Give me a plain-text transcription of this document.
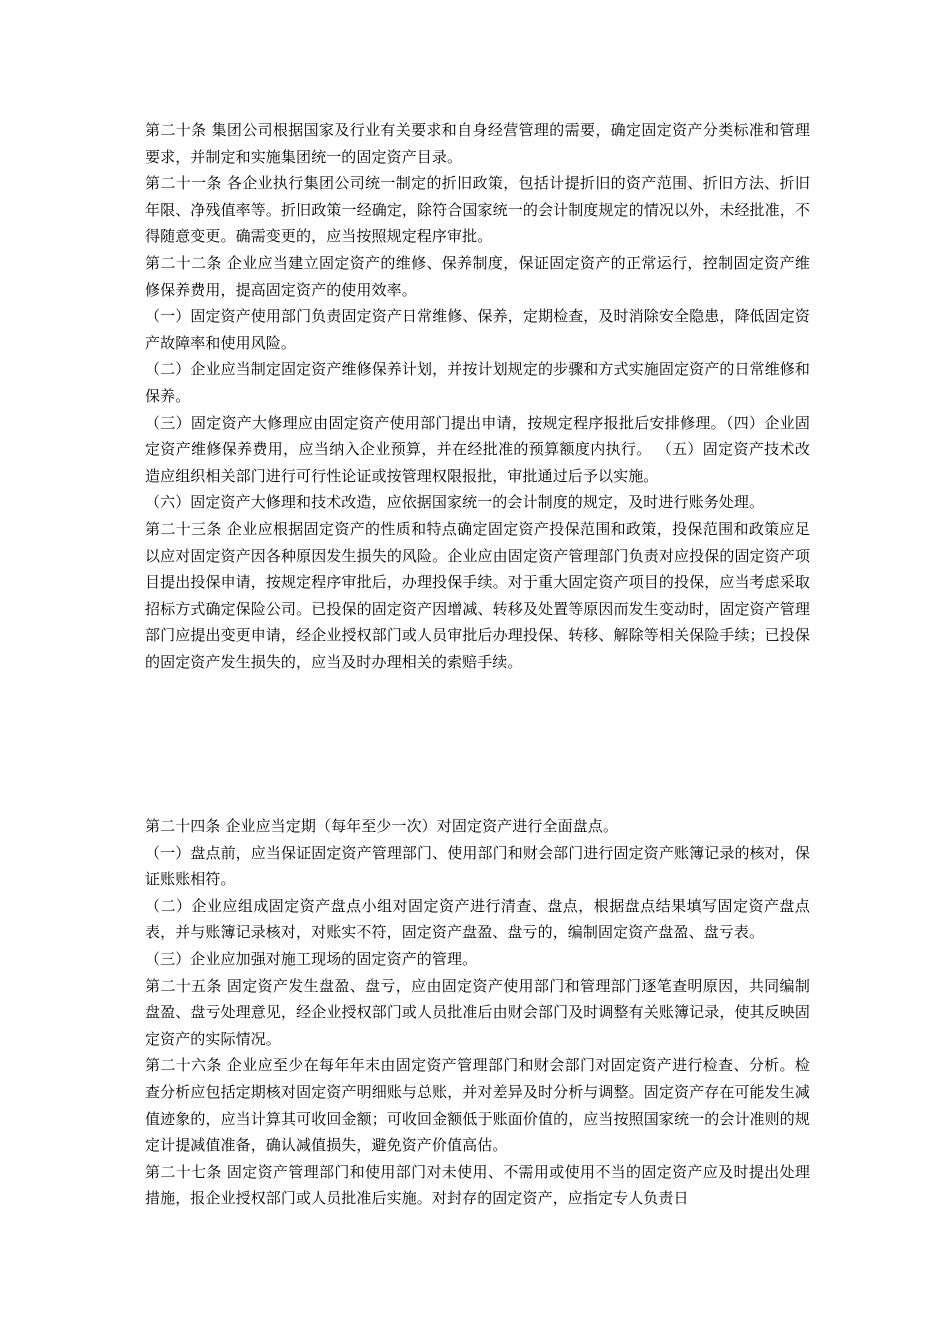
第二十条 集团公司根据国家及行业有关要求和自身经营管理的需要，确定固定资产分类标准和管理要求，并制定和实施集团统一的固定资产目录。

第二十一条 各企业执行集团公司统一制定的折旧政策，包括计提折旧的资产范围、折旧方法、折旧年限、净残值率等。折旧政策一经确定，除符合国家统一的会计制度规定的情况以外，未经批准，不得随意变更。确需变更的，应当按照规定程序审批。

第二十二条 企业应当建立固定资产的维修、保养制度，保证固定资产的正常运行，控制固定资产维修保养费用，提高固定资产的使用效率。

（一）固定资产使用部门负责固定资产日常维修、保养，定期检查，及时消除安全隐患，降低固定资产故障率和使用风险。

（二）企业应当制定固定资产维修保养计划，并按计划规定的步骤和方式实施固定资产的日常维修和保养。

（三）固定资产大修理应由固定资产使用部门提出申请，按规定程序报批后安排修理。（四）企业固定资产维修保养费用，应当纳入企业预算，并在经批准的预算额度内执行。 （五）固定资产技术改造应组织相关部门进行可行性论证或按管理权限报批，审批通过后予以实施。

（六）固定资产大修理和技术改造，应依据国家统一的会计制度的规定，及时进行账务处理。

第二十三条 企业应根据固定资产的性质和特点确定固定资产投保范围和政策，投保范围和政策应足以应对固定资产因各种原因发生损失的风险。企业应由固定资产管理部门负责对应投保的固定资产项目提出投保申请，按规定程序审批后，办理投保手续。对于重大固定资产项目的投保，应当考虑采取招标方式确定保险公司。已投保的固定资产因增减、转移及处置等原因而发生变动时，固定资产管理部门应提出变更申请，经企业授权部门或人员审批后办理投保、转移、解除等相关保险手续；已投保的固定资产发生损失的，应当及时办理相关的索赔手续。

第二十四条 企业应当定期（每年至少一次）对固定资产进行全面盘点。

（一）盘点前，应当保证固定资产管理部门、使用部门和财会部门进行固定资产账簿记录的核对，保证账账相符。

（二）企业应组成固定资产盘点小组对固定资产进行清查、盘点，根据盘点结果填写固定资产盘点表，并与账簿记录核对，对账实不符，固定资产盘盈、盘亏的，编制固定资产盘盈、盘亏表。

（三）企业应加强对施工现场的固定资产的管理。

第二十五条 固定资产发生盘盈、盘亏，应由固定资产使用部门和管理部门逐笔查明原因，共同编制盘盈、盘亏处理意见，经企业授权部门或人员批准后由财会部门及时调整有关账簿记录，使其反映固定资产的实际情况。

第二十六条 企业应至少在每年年末由固定资产管理部门和财会部门对固定资产进行检查、分析。检查分析应包括定期核对固定资产明细账与总账，并对差异及时分析与调整。固定资产存在可能发生减值迹象的，应当计算其可收回金额；可收回金额低于账面价值的，应当按照国家统一的会计准则的规定计提减值准备，确认减值损失，避免资产价值高估。

第二十七条 固定资产管理部门和使用部门对未使用、不需用或使用不当的固定资产应及时提出处理措施，报企业授权部门或人员批准后实施。对封存的固定资产，应指定专人负责日
